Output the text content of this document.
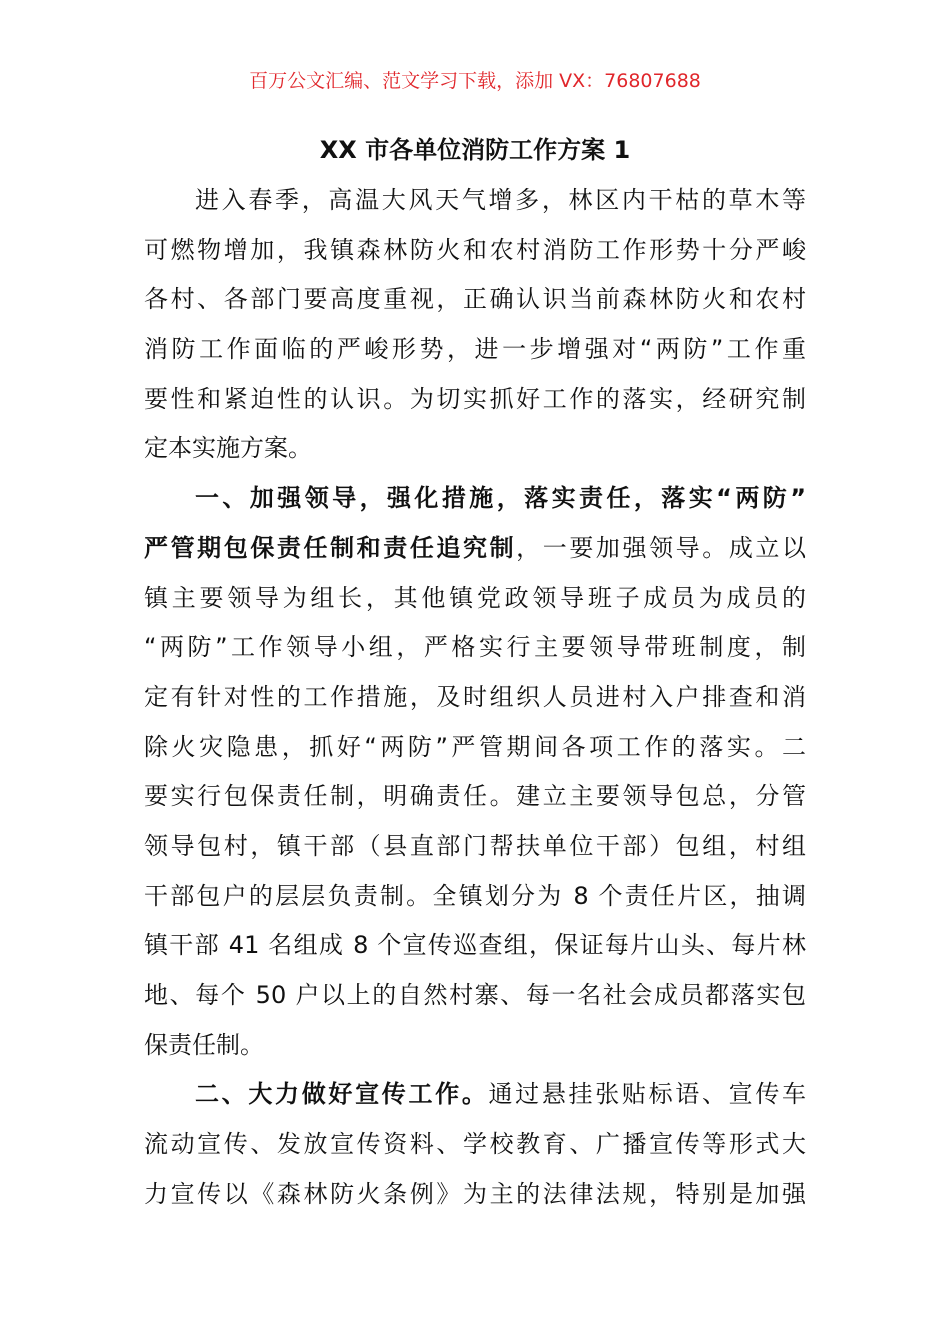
百万公文汇编、范文学习下载，添加 VX：76807688
XX 市各单位消防工作方案 1
进入春季，高温大风天气增多，林区内干枯的草木等
可燃物增加，我镇森林防火和农村消防工作形势十分严峻
各村、各部门要高度重视，正确认识当前森林防火和农村
消防工作面临的严峻形势，进一步增强对“两防”工作重
要性和紧迫性的认识。为切实抓好工作的落实，经研究制
定本实施方案。
一、加强领导，强化措施，落实责任，落实“两防”
严管期包保责任制和责任追究制，一要加强领导。成立以
镇主要领导为组长，其他镇党政领导班子成员为成员的
“两防”工作领导小组，严格实行主要领导带班制度，制
定有针对性的工作措施，及时组织人员进村入户排查和消
除火灾隐患，抓好“两防”严管期间各项工作的落实。二
要实行包保责任制，明确责任。建立主要领导包总，分管
领导包村，镇干部（县直部门帮扶单位干部）包组，村组
干部包户的层层负责制。全镇划分为 8 个责任片区，抽调
镇干部 41 名组成 8 个宣传巡查组，保证每片山头、每片林
地、每个 50 户以上的自然村寨、每一名社会成员都落实包
保责任制。
二、大力做好宣传工作。通过悬挂张贴标语、宣传车
流动宣传、发放宣传资料、学校教育、广播宣传等形式大
力宣传以《森林防火条例》为主的法律法规，特别是加强
